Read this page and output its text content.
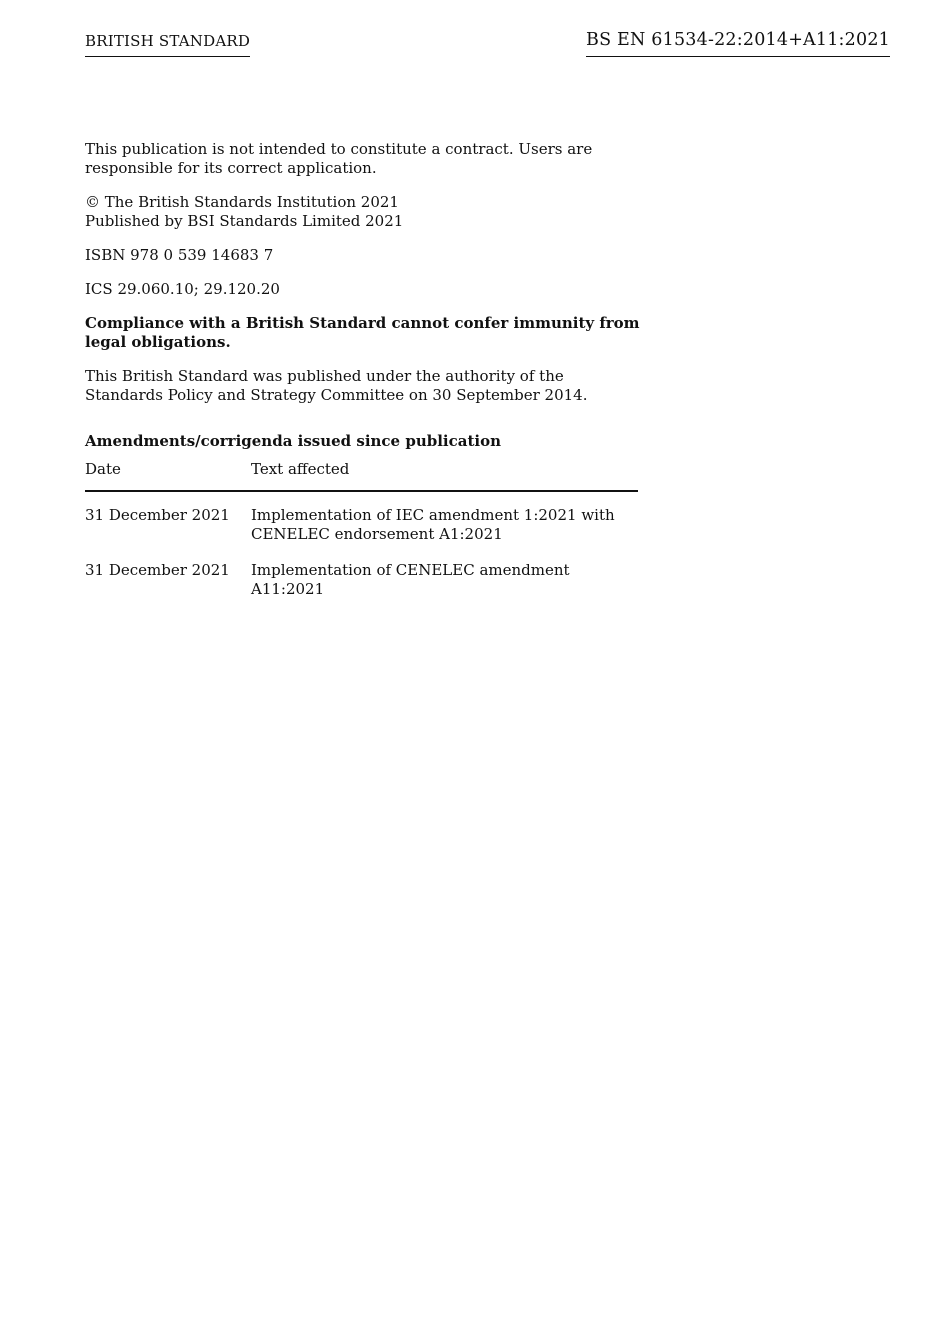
BRITISH STANDARD	BS EN 61534-22:2014+A11:2021

This publication is not intended to constitute a contract. Users are responsible for its correct application.

© The British Standards Institution 2021
Published by BSI Standards Limited 2021

ISBN 978 0 539 14683 7

ICS 29.060.10; 29.120.20

Compliance with a British Standard cannot confer immunity from legal obligations.

This British Standard was published under the authority of the Standards Policy and Strategy Committee on 30 September 2014.

Amendments/corrigenda issued since publication

Date	Text affected
31 December 2021	Implementation of IEC amendment 1:2021 with
CENELEC endorsement A1:2021
31 December 2021	Implementation of CENELEC amendment A11:2021
